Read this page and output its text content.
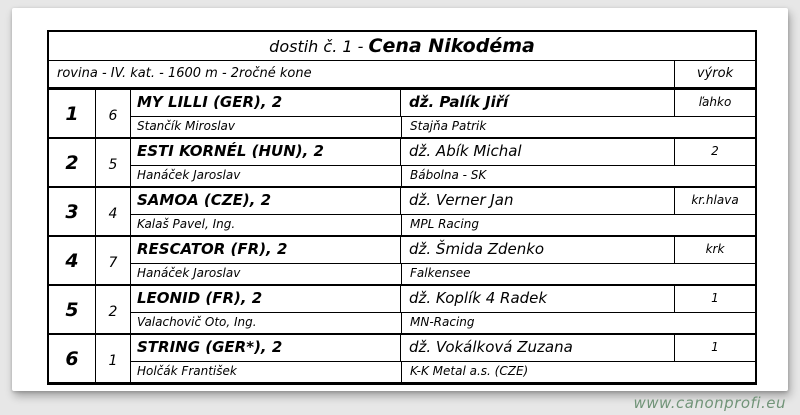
dostih č. 1 - Cena Nikodéma
rovina - IV. kat. - 1600 m - 2ročné kone	výrok
1	6
MY LILLI (GER), 2	dž. Palík Jiří	ľahko
Stančík Miroslav	Stajňa Patrik
2	5
ESTI KORNÉL (HUN), 2	dž. Abík Michal	2
Hanáček Jaroslav	Bábolna - SK
3	4
SAMOA (CZE), 2	dž. Verner Jan	kr.hlava
Kalaš Pavel, Ing.	MPL Racing
4	7
RESCATOR (FR), 2	dž. Šmida Zdenko	krk
Hanáček Jaroslav	Falkensee
5	2
LEONID (FR), 2	dž. Koplík 4 Radek	1
Valachovič Oto, Ing.	MN-Racing
6	1
STRING (GER*), 2	dž. Vokálková Zuzana	1
Holčák František	K-K Metal a.s. (CZE)
www.canonprofi.eu
